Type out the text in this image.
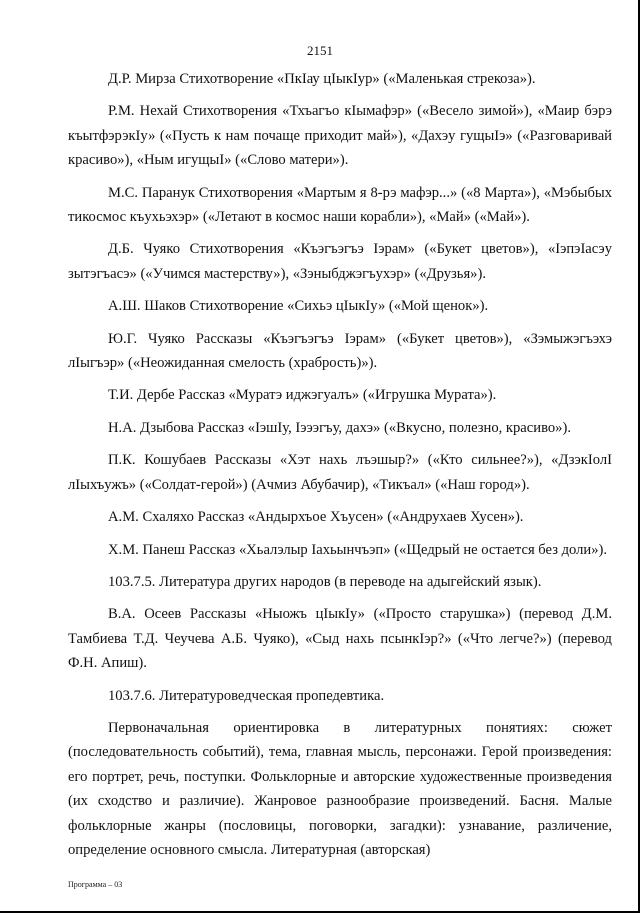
2151

Д.Р. Мирза Стихотворение «ПкIау цIыкIур» («Маленькая стрекоза»).

Р.М. Нехай Стихотворения «Тхъагъо кIымафэр» («Весело зимой»), «Маир бэрэ къытфэрэкIу» («Пусть к нам почаще приходит май»), «Дахэу гущыIэ» («Разговаривай красиво»), «Ным игущыI» («Слово матери»).

М.С. Паранук Стихотворения «Мартым я 8-рэ мафэр...» («8 Марта»), «Мэбыбых тикосмос къухьэхэр» («Летают в космос наши корабли»), «Май» («Май»).

Д.Б. Чуяко Стихотворения «Къэгъэгъэ Iэрам» («Букет цветов»), «IэпэIасэу зытэгъасэ» («Учимся мастерству»), «Зэныбджэгъухэр» («Друзья»).

А.Ш. Шаков Стихотворение «Сихьэ цIыкIу» («Мой щенок»).

Ю.Г. Чуяко Рассказы «Къэгъэгъэ Iэрам» («Букет цветов»), «Зэмыжэгъэхэ лIыгъэр» («Неожиданная смелость (храбрость)»).

Т.И. Дербе Рассказ «Муратэ иджэгуалъ» («Игрушка Мурата»).

Н.А. Дзыбова Рассказ «IэшIу, Iэээгъу, дахэ» («Вкусно, полезно, красиво»).

П.К. Кошубаев Рассказы «Хэт нахь лъэшыр?» («Кто сильнее?»), «ДзэкIолI лIыхъужъ» («Солдат-герой») (Ачмиз Абубачир), «Тикъал» («Наш город»).

А.М. Схаляхо Рассказ «Андырхъое Хъусен» («Андрухаев Хусен»).

Х.М. Панеш Рассказ «Хьалэлыр Iахьынчъэп» («Щедрый не остается без доли»).

103.7.5. Литература других народов (в переводе на адыгейский язык).

В.А. Осеев Рассказы «Ныожъ цIыкIу» («Просто старушка») (перевод Д.М. Тамбиева Т.Д. Чеучева А.Б. Чуяко), «Сыд нахь псынкIэр?» («Что легче?») (перевод Ф.Н. Апиш).

103.7.6. Литературоведческая пропедевтика.

Первоначальная ориентировка в литературных понятиях: сюжет (последовательность событий), тема, главная мысль, персонажи. Герой произведения: его портрет, речь, поступки. Фольклорные и авторские художественные произведения (их сходство и различие). Жанровое разнообразие произведений. Басня. Малые фольклорные жанры (пословицы, поговорки, загадки): узнавание, различение, определение основного смысла. Литературная (авторская)

Программа – 03
